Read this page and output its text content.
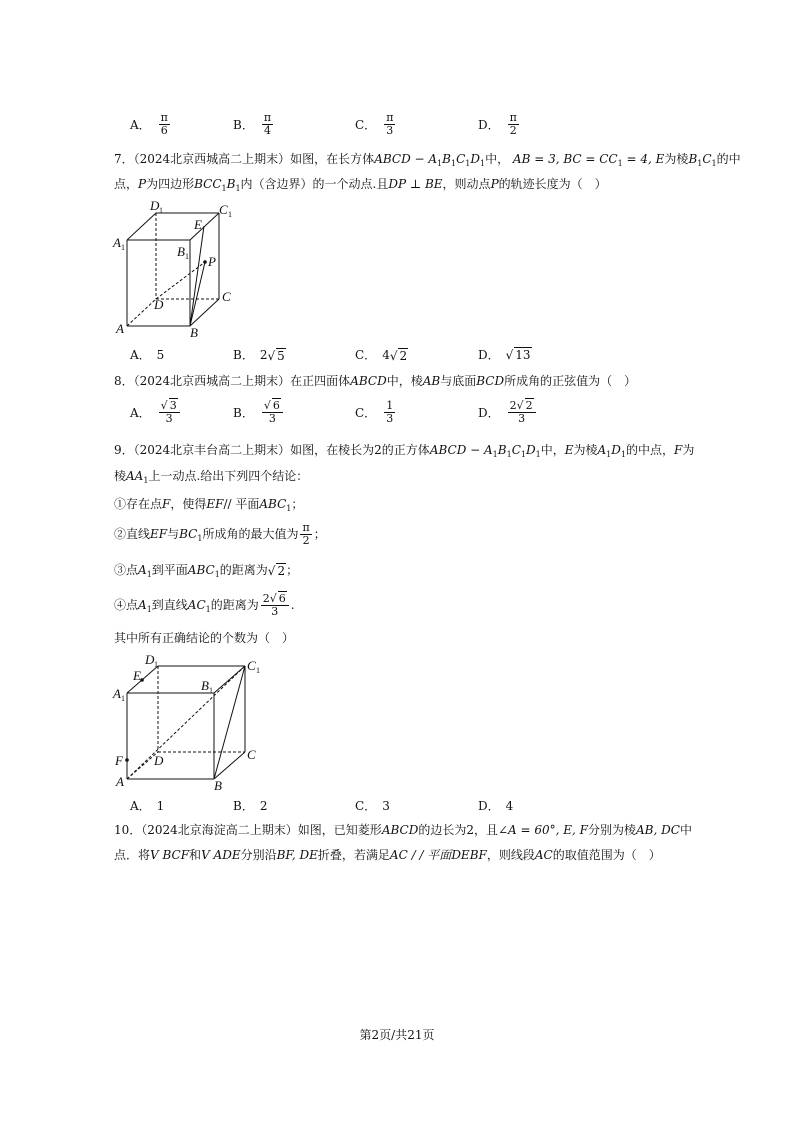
A． $\frac{\pi}{6}$	B． $\frac{\pi}{4}$	C． $\frac{\pi}{3}$	D． $\frac{\pi}{2}$
7．（2024北京西城高二上期末）如图，在长方体ABCD − $A_1B_1C_1D_1$中， AB = 3, BC = $CC_1 = 4$, E为棱$B_1C_1$的中
点，P为四边形$BCC_1B_1$内（含边界）的一个动点.且DP ⊥ BE，则动点P的轨迹长度为（　）
D 1	C 1
E
A 1	B 1 P
D
C
A	B
A． 5	B． 2√ 5	C． 4√ 2	D． √ 13
8．（2024北京西城高二上期末）在正四面体ABCD中，棱AB与底面BCD所成角的正弦值为（　）
A． $\frac{√ 3}{3}$	B． $\frac{√ 6}{3}$	C． $\frac{1}{3}$	D． $\frac{2√ 2}{3}$
9．（2024北京丰台高二上期末）如图，在棱长为2的正方体ABCD − $A_1B_1C_1D_1$中，E为棱$A_1D_1$的中点，F为
棱$AA_1$上一动点.给出下列四个结论：
①存在点F，使得EF// 平面$ABC_1$；
②直线EF与$BC_1$所成角的最大值为 $\frac{\pi}{2}$ ；
③点$A_1$到平面$ABC_1$的距离为√ 2；
④点$A_1$到直线$AC_1$的距离为 $\frac{2√ 6}{3}$ .
其中所有正确结论的个数为（　）
D 1	C 1
E
A 1
B 1
D	C
F
A	B
A． 1	B． 2	C． 3	D． 4
10．（2024北京海淀高二上期末）如图，已知菱形ABCD的边长为2，且∠A = 60°, E, F分别为棱AB, DC中
点．将V BCF和V ADE分别沿BF, DE折叠，若满足AC / / 平面DEBF，则线段AC的取值范围为（　）
第2页/共21页
